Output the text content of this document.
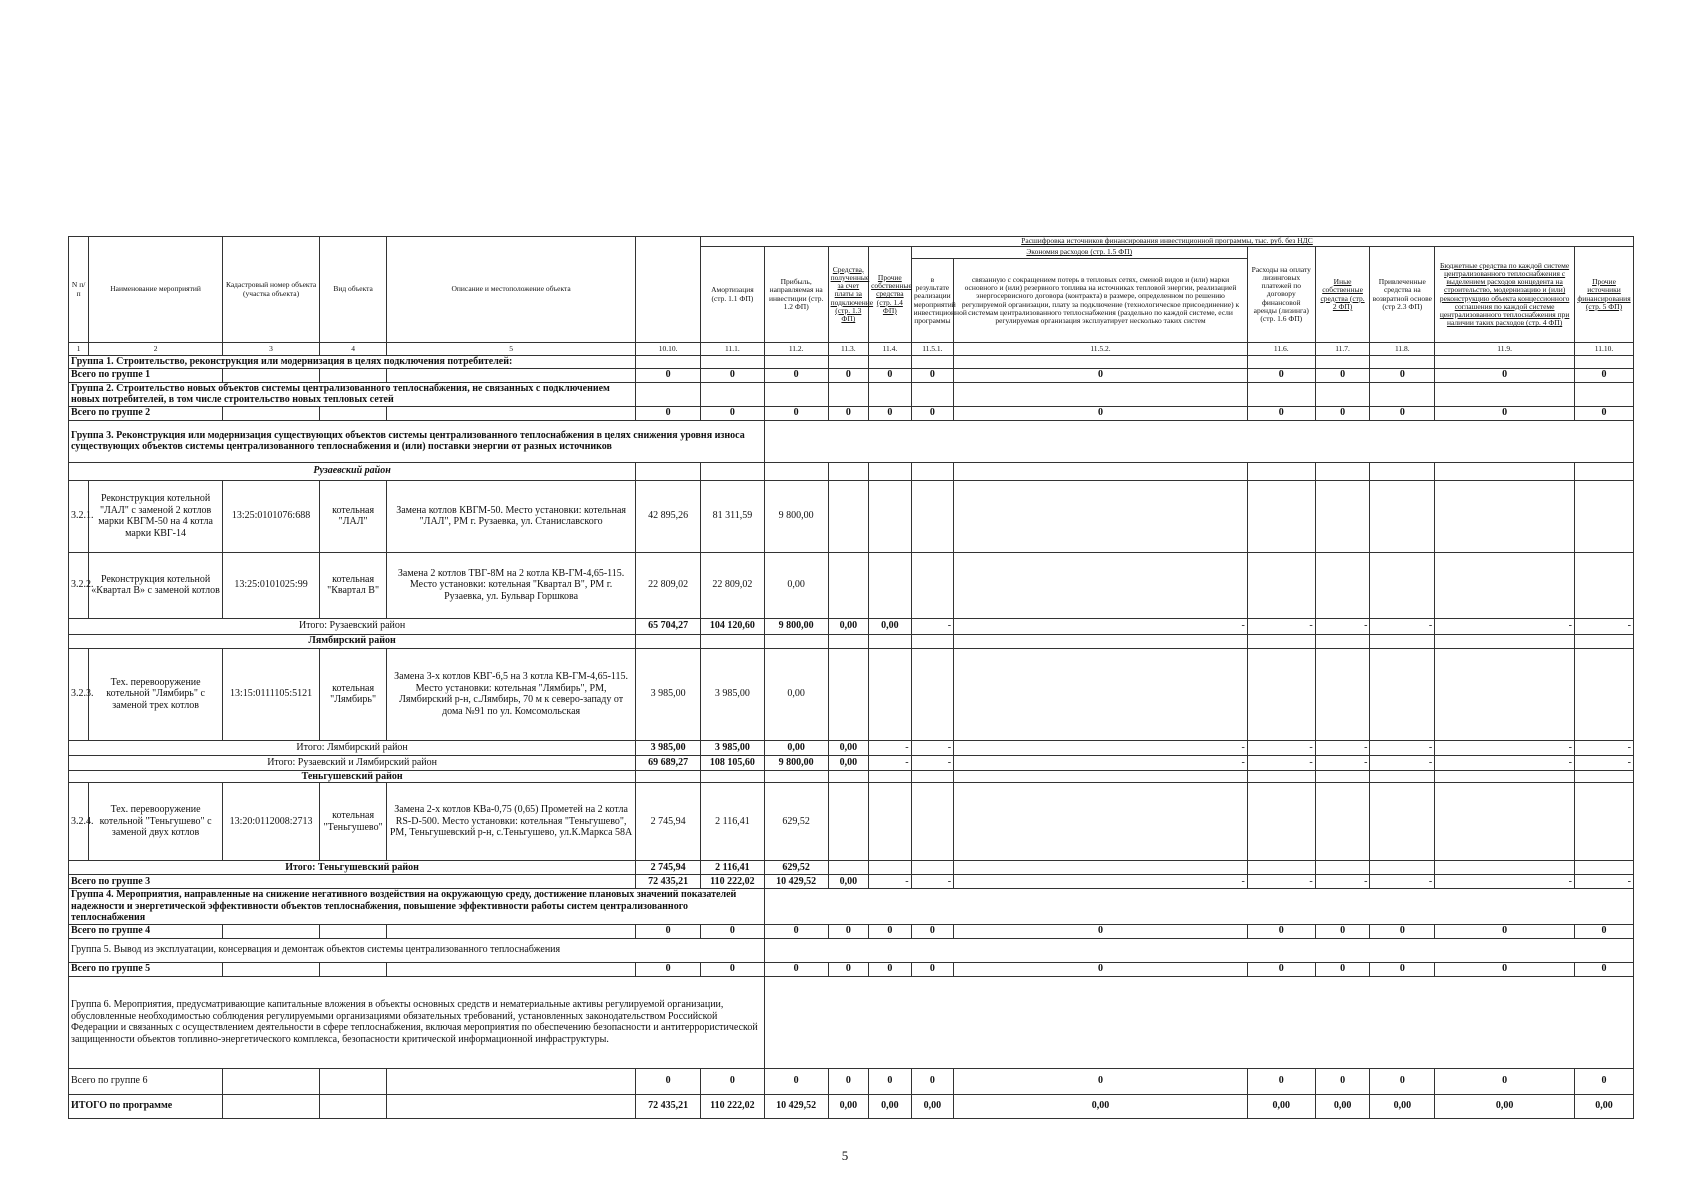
N п/п	Наименование мероприятий	Кадастровый номер объекта (участка объекта)	Вид объекта	Описание и местоположение объекта		Расшифровка источников финансирования инвестиционной программы, тыс. руб. без НДС										
						Амортизация (стр. 1.1 ФП)	Прибыль, направляемая на инвестиции (стр. 1.2 ФП)	Средства, полученные за счет платы за подключение (стр. 1.3 ФП)	Прочие собственные средства (стр. 1.4 ФП)	Экономия расходов (стр. 1.5 ФП)		Расходы на оплату лизинговых платежей по договору финансовой аренды (лизинга) (стр. 1.6 ФП)	Иные собственные средства (стр. 2 ФП)	Привлеченные средства на возвратной основе (стр 2.3 ФП)	Бюджетные средства по каждой системе централизованного теплоснабжения с выделением расходов концедента на строительство, модернизацию и (или) реконструкцию объекта концессионного соглашения по каждой системе централизованного теплоснабжения при наличии таких расходов (стр. 4 ФП)	Прочие источники финансирования (стр. 5 ФП)
										в результате реализации мероприятий инвестиционной программы	связанную с сокращением потерь в тепловых сетях, сменой видов и (или) марки основного и (или) резервного топлива на источниках тепловой энергии, реализацией энергосервисного договора (контракта) в размере, определенном по решению регулируемой организации, плату за подключение (технологическое присоединение) к системам централизованного теплоснабжения (раздельно по каждой системе, если регулируемая организация эксплуатирует несколько таких систем					
1	2	3	4	5	10.10.	11.1.	11.2.	11.3.	11.4.	11.5.1.	11.5.2.	11.6.	11.7.	11.8.	11.9.	11.10.
Группа 1. Строительство, реконструкция или модернизация в целях подключения потребителей:																
Всего по группе 1					0	0	0	0	0	0	0	0	0	0	0	0
Группа 2. Строительство новых объектов системы централизованного теплоснабжения, не связанных с подключением новых потребителей, в том числе строительство новых тепловых сетей																
Всего по группе 2					0	0	0	0	0	0	0	0	0	0	0	0
Группа 3. Реконструкция или модернизация существующих объектов системы централизованного теплоснабжения в целях снижения уровня износа существующих объектов системы централизованного теплоснабжения и (или) поставки энергии от разных источников																
Рузаевский район																
3.2.1.	Реконструкция котельной "ЛАЛ" с заменой 2 котлов марки КВГМ-50 на 4 котла марки КВГ-14	13:25:0101076:688	котельная "ЛАЛ"	Замена котлов КВГМ-50. Место установки: котельная "ЛАЛ", РМ г. Рузаевка, ул. Станиславского	42 895,26	81 311,59	9 800,00									
3.2.2.	Реконструкция котельной «Квартал В» с заменой котлов	13:25:0101025:99	котельная "Квартал В"	Замена 2 котлов ТВГ-8М на 2 котла КВ-ГМ-4,65-115. Место установки: котельная "Квартал В", РМ г. Рузаевка, ул. Бульвар Горшкова	22 809,02	22 809,02	0,00									
Итого: Рузаевский район					65 704,27	104 120,60	9 800,00	0,00	0,00	-	-	-	-	-	-	-
Лямбирский район																
3.2.3.	Тех. перевооружение котельной "Лямбирь" с заменой трех котлов	13:15:0111105:5121	котельная "Лямбирь"	Замена 3-х котлов КВГ-6,5 на 3 котла КВ-ГМ-4,65-115. Место установки: котельная "Лямбирь", РМ, Лямбирский р-н, с.Лямбирь, 70 м к северо-западу от дома №91 по ул. Комсомольская	3 985,00	3 985,00	0,00									
Итого: Лямбирский район					3 985,00	3 985,00	0,00	0,00	-	-	-	-	-	-	-	-
Итого: Рузаевский и Лямбирский район					69 689,27	108 105,60	9 800,00	0,00	-	-	-	-	-	-	-	-
Теньгушевский район																
3.2.4.	Тех. перевооружение котельной "Теньгушево" с заменой двух котлов	13:20:0112008:2713	котельная "Теньгушево"	Замена 2-х котлов КВа-0,75 (0,65) Прометей на 2 котла RS-D-500. Место установки: котельная "Теньгушево", РМ, Теньгушевский р-н, с.Теньгушево, ул.К.Маркса 58А	2 745,94	2 116,41	629,52									
Итого: Теньгушевский район					2 745,94	2 116,41	629,52									
Всего по группе 3					72 435,21	110 222,02	10 429,52	0,00	-	-	-	-	-	-	-	-
Группа 4. Мероприятия, направленные на снижение негативного воздействия на окружающую среду, достижение плановых значений показателей надежности и энергетической эффективности объектов теплоснабжения, повышение эффективности работы систем централизованного теплоснабжения																
Всего по группе 4					0	0	0	0	0	0	0	0	0	0	0	0
Группа 5. Вывод из эксплуатации, консервация и демонтаж объектов системы централизованного теплоснабжения																
Всего по группе 5					0	0	0	0	0	0	0	0	0	0	0	0
Группа 6. Мероприятия, предусматривающие капитальные вложения в объекты основных средств и нематериальные активы регулируемой организации, обусловленные необходимостью соблюдения регулируемыми организациями обязательных требований, установленных законодательством Российской Федерации и связанных с осуществлением деятельности в сфере теплоснабжения, включая мероприятия по обеспечению безопасности и антитеррористической защищенности объектов топливно-энергетического комплекса, безопасности критической информационной инфраструктуры.																
Всего по группе 6					0	0	0	0	0	0	0	0	0	0	0	0
ИТОГО по программе					72 435,21	110 222,02	10 429,52	0,00	0,00	0,00	0,00	0,00	0,00	0,00	0,00	0,00
5
